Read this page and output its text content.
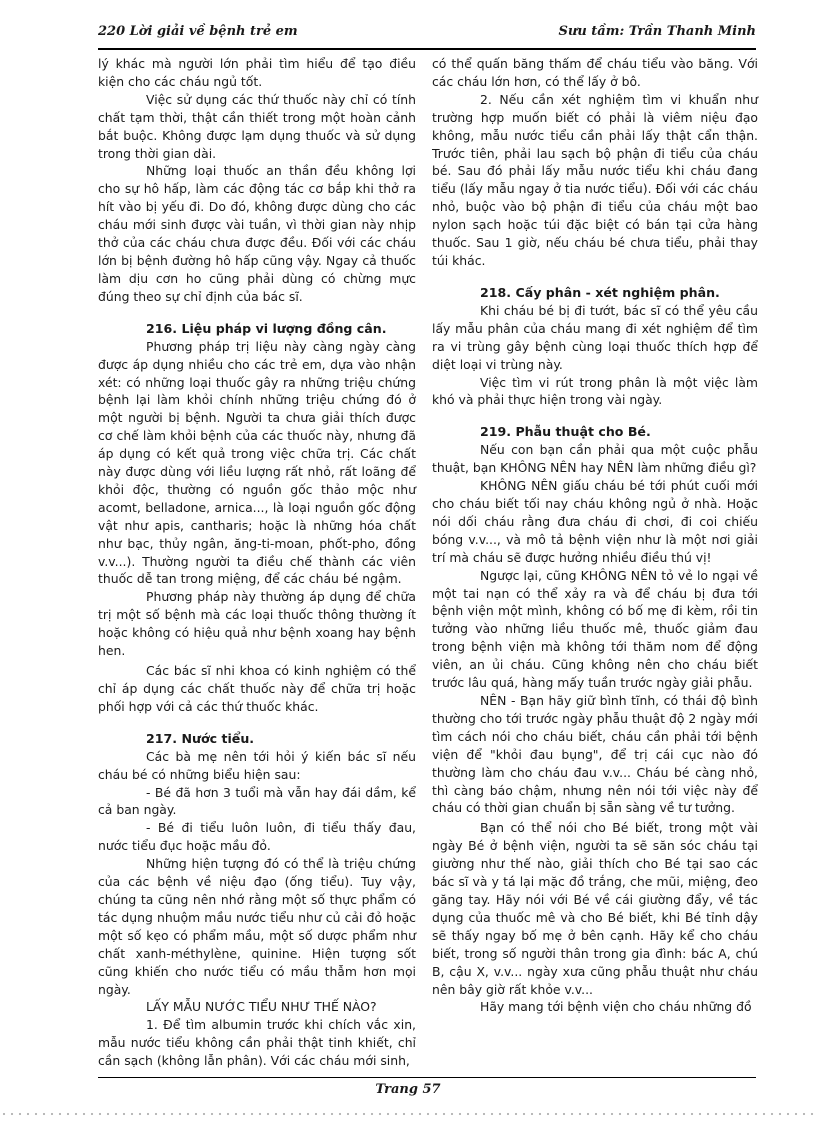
220 Lời giải về bệnh trẻ em	Sưu tầm: Trần Thanh Minh

lý khác mà người lớn phải tìm hiểu để tạo điều kiện cho các cháu ngủ tốt.

Việc sử dụng các thứ thuốc này chỉ có tính chất tạm thời, thật cần thiết trong một hoàn cảnh bắt buộc. Không được lạm dụng thuốc và sử dụng trong thời gian dài.

Những loại thuốc an thần đều không lợi cho sự hô hấp, làm các động tác cơ bắp khi thở ra hít vào bị yếu đi. Do đó, không được dùng cho các cháu mới sinh được vài tuần, vì thời gian này nhịp thở của các cháu chưa được đều. Đối với các cháu lớn bị bệnh đường hô hấp cũng vậy. Ngay cả thuốc làm dịu cơn ho cũng phải dùng có chừng mực đúng theo sự chỉ định của bác sĩ.

216. Liệu pháp vi lượng đồng cân.

Phương pháp trị liệu này càng ngày càng được áp dụng nhiều cho các trẻ em, dựa vào nhận xét: có những loại thuốc gây ra những triệu chứng bệnh lại làm khỏi chính những triệu chứng đó ở một người bị bệnh. Người ta chưa giải thích được cơ chế làm khỏi bệnh của các thuốc này, nhưng đã áp dụng có kết quả trong việc chữa trị. Các chất này được dùng với liều lượng rất nhỏ, rất loãng để khỏi độc, thường có nguồn gốc thảo mộc như acomt, belladone, arnica..., là loại nguồn gốc động vật như apis, cantharis; hoặc là những hóa chất như bạc, thủy ngân, ăng-ti-moan, phốt-pho, đồng v.v...). Thường người ta điều chế thành các viên thuốc dễ tan trong miệng, để các cháu bé ngậm.

Phương pháp này thường áp dụng để chữa trị một số bệnh mà các loại thuốc thông thường ít hoặc không có hiệu quả như bệnh xoang hay bệnh hen.

Các bác sĩ nhi khoa có kinh nghiệm có thể chỉ áp dụng các chất thuốc này để chữa trị hoặc phối hợp với cả các thứ thuốc khác.

217. Nước tiểu.

Các bà mẹ nên tới hỏi ý kiến bác sĩ nếu cháu bé có những biểu hiện sau:

- Bé đã hơn 3 tuổi mà vẫn hay đái dầm, kể cả ban ngày.

- Bé đi tiểu luôn luôn, đi tiểu thấy đau, nước tiểu đục hoặc mầu đỏ.

Những hiện tượng đó có thể là triệu chứng của các bệnh về niệu đạo (ống tiểu). Tuy vậy, chúng ta cũng nên nhớ rằng một số thực phẩm có tác dụng nhuộm mầu nước tiểu như củ cải đỏ hoặc một số kẹo có phẩm mầu, một số dược phẩm như chất xanh-méthylène, quinine. Hiện tượng sốt cũng khiến cho nước tiểu có mầu thẫm hơn mọi ngày.

LẤY MẪU NƯỚC TIỂU NHƯ THẾ NÀO?

1. Để tìm albumin trước khi chích vắc xin, mẫu nước tiểu không cần phải thật tinh khiết, chỉ cần sạch (không lẫn phân). Với các cháu mới sinh,

có thể quấn băng thấm để cháu tiểu vào băng. Với các cháu lớn hơn, có thể lấy ở bô.

2. Nếu cần xét nghiệm tìm vi khuẩn như trường hợp muốn biết có phải là viêm niệu đạo không, mẫu nước tiểu cần phải lấy thật cẩn thận. Trước tiên, phải lau sạch bộ phận đi tiểu của cháu bé. Sau đó phải lấy mẫu nước tiểu khi cháu đang tiểu (lấy mẫu ngay ở tia nước tiểu). Đối với các cháu nhỏ, buộc vào bộ phận đi tiểu của cháu một bao nylon sạch hoặc túi đặc biệt có bán tại cửa hàng thuốc. Sau 1 giờ, nếu cháu bé chưa tiểu, phải thay túi khác.

218. Cấy phân - xét nghiệm phân.

Khi cháu bé bị đi tướt, bác sĩ có thể yêu cầu lấy mẫu phân của cháu mang đi xét nghiệm để tìm ra vi trùng gây bệnh cùng loại thuốc thích hợp để diệt loại vi trùng này.

Việc tìm vi rút trong phân là một việc làm khó và phải thực hiện trong vài ngày.

219. Phẫu thuật cho Bé.

Nếu con bạn cần phải qua một cuộc phẫu thuật, bạn KHÔNG NÊN hay NÊN làm những điều gì?

KHÔNG NÊN giấu cháu bé tới phút cuối mới cho cháu biết tối nay cháu không ngủ ở nhà. Hoặc nói dối cháu rằng đưa cháu đi chơi, đi coi chiếu bóng v.v..., và mô tả bệnh viện như là một nơi giải trí mà cháu sẽ được hưởng nhiều điều thú vị!

Ngược lại, cũng KHÔNG NÊN tỏ vẻ lo ngại về một tai nạn có thể xảy ra và để cháu bị đưa tới bệnh viện một mình, không có bố mẹ đi kèm, rồi tin tưởng vào những liều thuốc mê, thuốc giảm đau trong bệnh viện mà không tới thăm nom để động viên, an ủi cháu. Cũng không nên cho cháu biết trước lâu quá, hàng mấy tuần trước ngày giải phẫu.

NÊN - Bạn hãy giữ bình tĩnh, có thái độ bình thường cho tới trước ngày phẫu thuật độ 2 ngày mới tìm cách nói cho cháu biết, cháu cần phải tới bệnh viện để "khỏi đau bụng", để trị cái cục nào đó thường làm cho cháu đau v.v... Cháu bé càng nhỏ, thì càng báo chậm, nhưng nên nói tới việc này để cháu có thời gian chuẩn bị sẵn sàng về tư tưởng.

Bạn có thể nói cho Bé biết, trong một vài ngày Bé ở bệnh viện, người ta sẽ săn sóc cháu tại giường như thế nào, giải thích cho Bé tại sao các bác sĩ và y tá lại mặc đồ trắng, che mũi, miệng, đeo găng tay. Hãy nói với Bé về cái giường đẩy, về tác dụng của thuốc mê và cho Bé biết, khi Bé tỉnh dậy sẽ thấy ngay bố mẹ ở bên cạnh. Hãy kể cho cháu biết, trong số người thân trong gia đình: bác A, chú B, cậu X, v.v... ngày xưa cũng phẫu thuật như cháu nên bây giờ rất khỏe v.v...

Hãy mang tới bệnh viện cho cháu những đồ

Trang 57
